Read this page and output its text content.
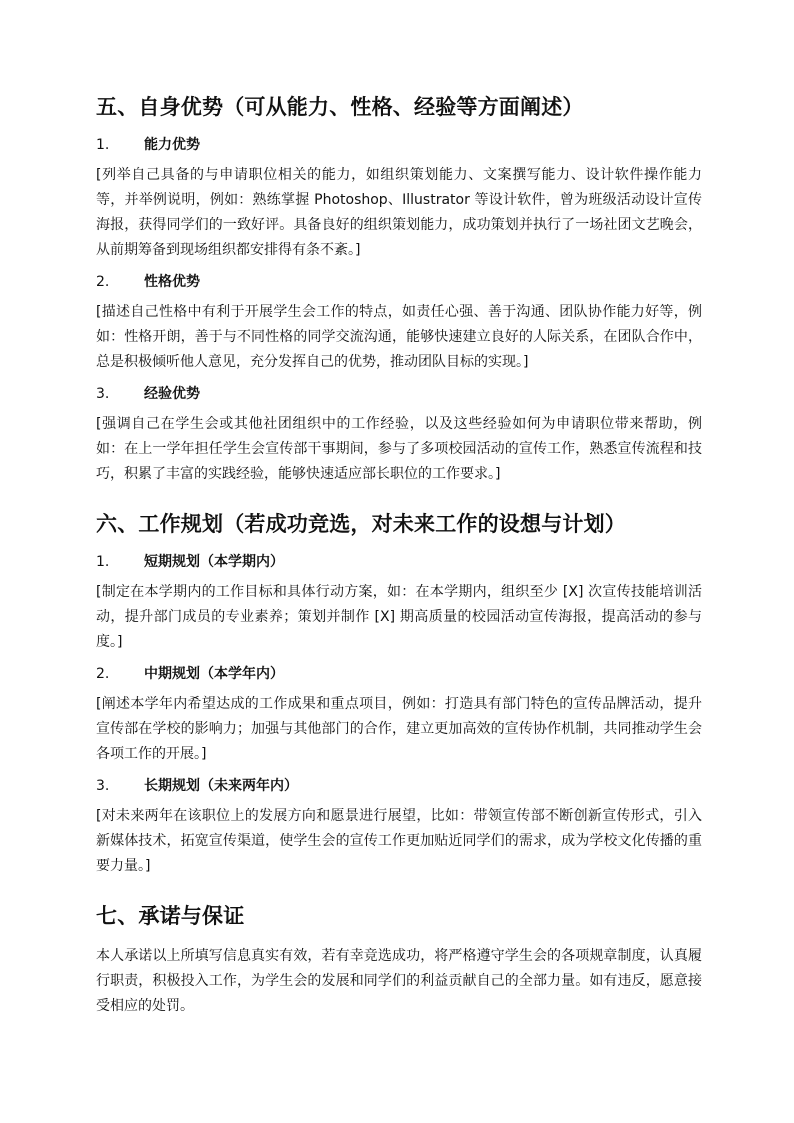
五、自身优势（可从能力、性格、经验等方面阐述）
1.	能力优势

[列举自己具备的与申请职位相关的能力，如组织策划能力、文案撰写能力、设计软件操作能力等，并举例说明，例如：熟练掌握 Photoshop、Illustrator 等设计软件，曾为班级活动设计宣传海报，获得同学们的一致好评。具备良好的组织策划能力，成功策划并执行了一场社团文艺晚会，从前期筹备到现场组织都安排得有条不紊。]

2.	性格优势

[描述自己性格中有利于开展学生会工作的特点，如责任心强、善于沟通、团队协作能力好等，例如：性格开朗，善于与不同性格的同学交流沟通，能够快速建立良好的人际关系，在团队合作中，总是积极倾听他人意见，充分发挥自己的优势，推动团队目标的实现。]

3.	经验优势

[强调自己在学生会或其他社团组织中的工作经验，以及这些经验如何为申请职位带来帮助，例如：在上一学年担任学生会宣传部干事期间，参与了多项校园活动的宣传工作，熟悉宣传流程和技巧，积累了丰富的实践经验，能够快速适应部长职位的工作要求。]

六、工作规划（若成功竞选，对未来工作的设想与计划）
1.	短期规划（本学期内）

[制定在本学期内的工作目标和具体行动方案，如：在本学期内，组织至少 [X] 次宣传技能培训活动，提升部门成员的专业素养；策划并制作 [X] 期高质量的校园活动宣传海报，提高活动的参与度。]

2.	中期规划（本学年内）

[阐述本学年内希望达成的工作成果和重点项目，例如：打造具有部门特色的宣传品牌活动，提升宣传部在学校的影响力；加强与其他部门的合作，建立更加高效的宣传协作机制，共同推动学生会各项工作的开展。]

3.	长期规划（未来两年内）

[对未来两年在该职位上的发展方向和愿景进行展望，比如：带领宣传部不断创新宣传形式，引入新媒体技术，拓宽宣传渠道，使学生会的宣传工作更加贴近同学们的需求，成为学校文化传播的重要力量。]

七、承诺与保证

本人承诺以上所填写信息真实有效，若有幸竞选成功，将严格遵守学生会的各项规章制度，认真履行职责，积极投入工作，为学生会的发展和同学们的利益贡献自己的全部力量。如有违反，愿意接受相应的处罚。
